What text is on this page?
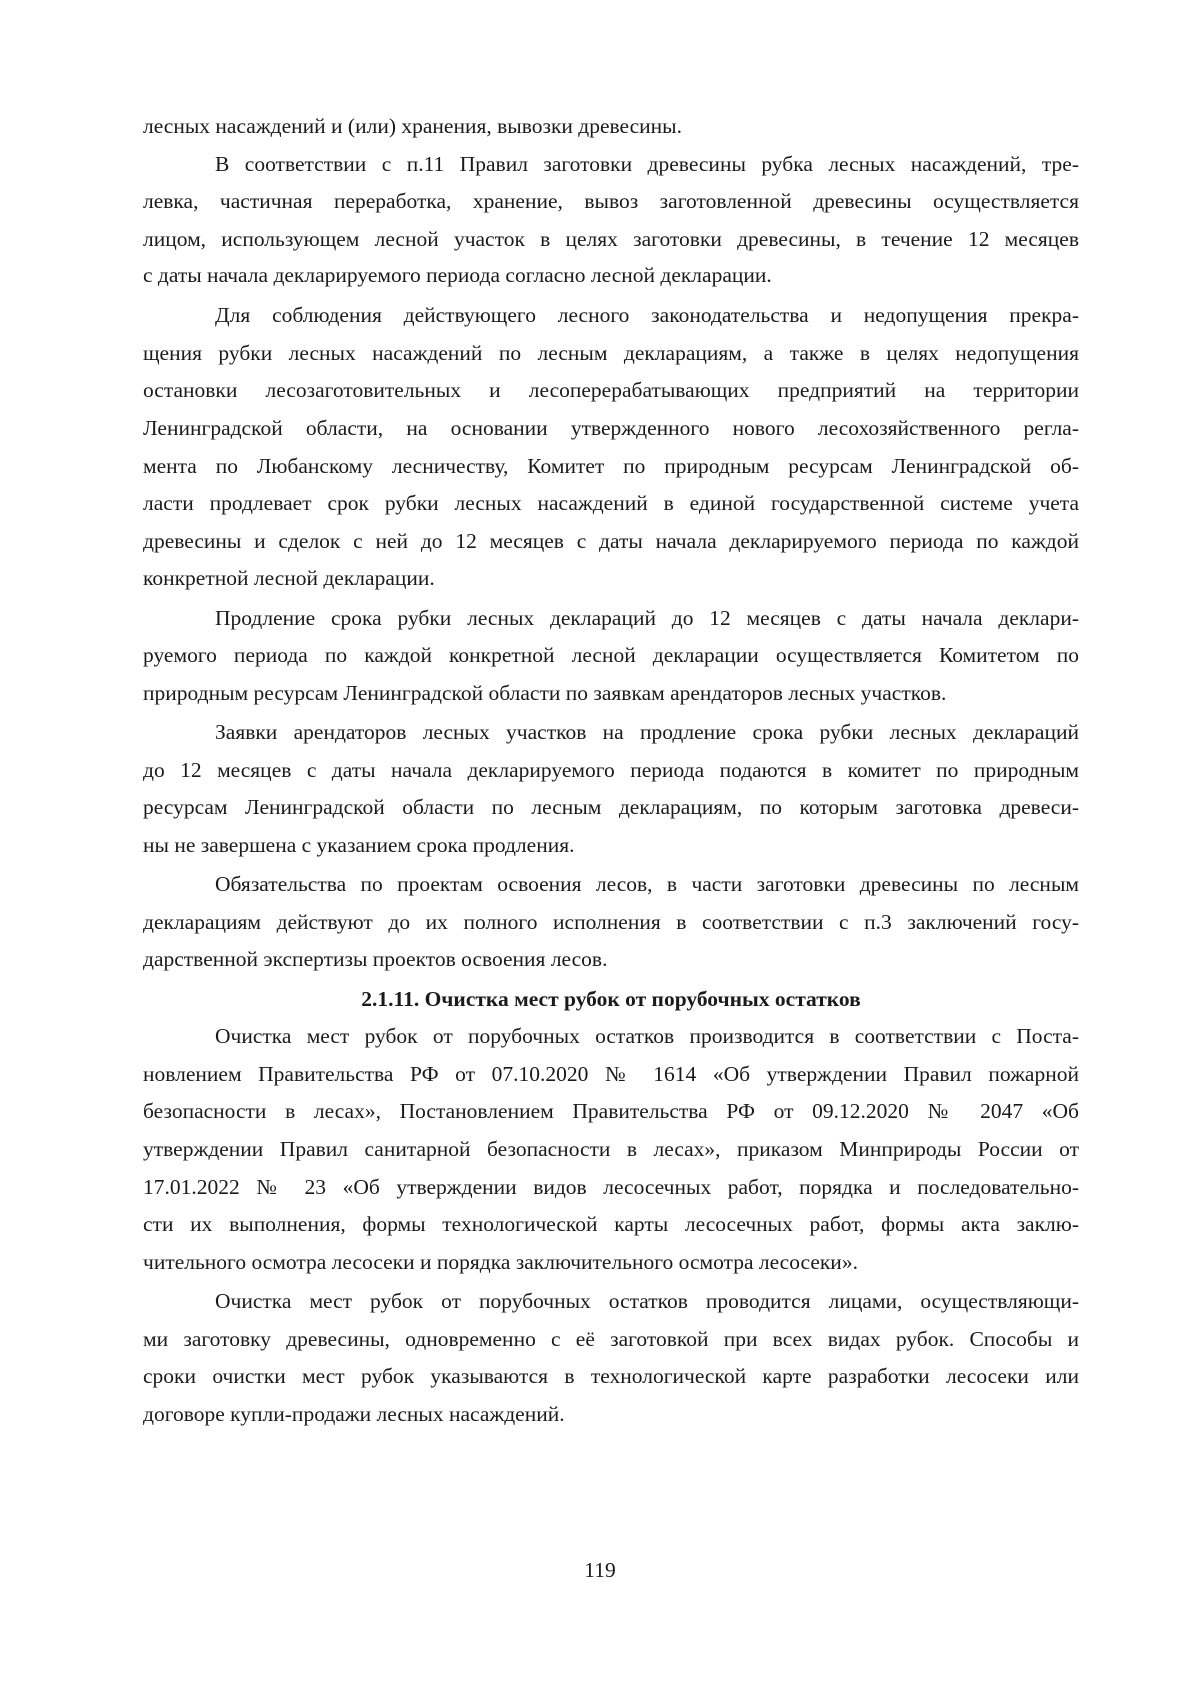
лесных насаждений и (или) хранения, вывозки древесины.
В соответствии с п.11 Правил заготовки древесины рубка лесных насаждений, тре-
левка, частичная переработка, хранение, вывоз заготовленной древесины осуществляется
лицом, использующем лесной участок в целях заготовки древесины, в течение 12 месяцев
с даты начала декларируемого периода согласно лесной декларации.
Для соблюдения действующего лесного законодательства и недопущения прекра-
щения рубки лесных насаждений по лесным декларациям, а также в целях недопущения
остановки лесозаготовительных и лесоперерабатывающих предприятий на территории
Ленинградской области, на основании утвержденного нового лесохозяйственного регла-
мента по Любанскому лесничеству, Комитет по природным ресурсам Ленинградской об-
ласти продлевает срок рубки лесных насаждений в единой государственной системе учета
древесины и сделок с ней до 12 месяцев с даты начала декларируемого периода по каждой
конкретной лесной декларации.
Продление срока рубки лесных деклараций до 12 месяцев с даты начала деклари-
руемого периода по каждой конкретной лесной декларации осуществляется Комитетом по
природным ресурсам Ленинградской области по заявкам арендаторов лесных участков.
Заявки арендаторов лесных участков на продление срока рубки лесных деклараций
до 12 месяцев с даты начала декларируемого периода подаются в комитет по природным
ресурсам Ленинградской области по лесным декларациям, по которым заготовка древеси-
ны не завершена с указанием срока продления.
Обязательства по проектам освоения лесов, в части заготовки древесины по лесным
декларациям действуют до их полного исполнения в соответствии с п.3 заключений госу-
дарственной экспертизы проектов освоения лесов.
2.1.11. Очистка мест рубок от порубочных остатков
Очистка мест рубок от порубочных остатков производится в соответствии с Поста-
новлением Правительства РФ от 07.10.2020 № 1614 «Об утверждении Правил пожарной
безопасности в лесах», Постановлением Правительства РФ от 09.12.2020 № 2047 «Об
утверждении Правил санитарной безопасности в лесах», приказом Минприроды России от
17.01.2022 № 23 «Об утверждении видов лесосечных работ, порядка и последовательно-
сти их выполнения, формы технологической карты лесосечных работ, формы акта заклю-
чительного осмотра лесосеки и порядка заключительного осмотра лесосеки».
Очистка мест рубок от порубочных остатков проводится лицами, осуществляющи-
ми заготовку древесины, одновременно с её заготовкой при всех видах рубок. Способы и
сроки очистки мест рубок указываются в технологической карте разработки лесосеки или
договоре купли-продажи лесных насаждений.
119
